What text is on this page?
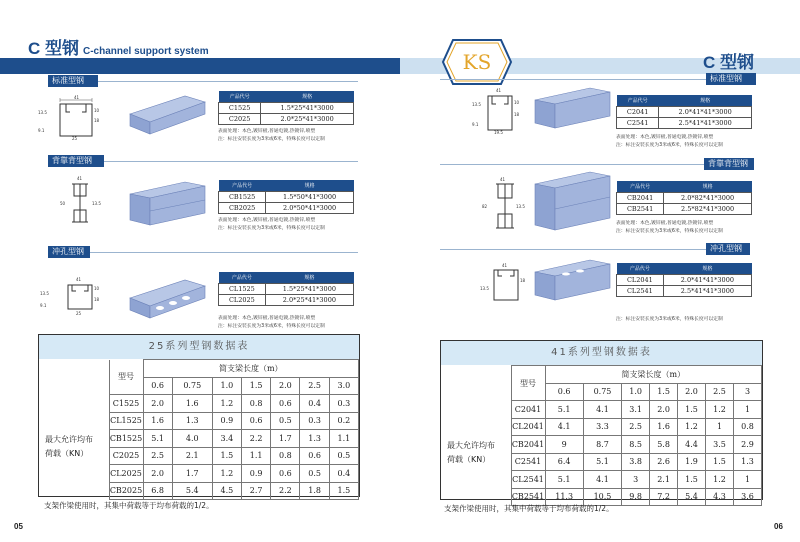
C 型钢 C-channel support system
C 型钢
KS
标准型钢
41
25
10
18
13.5
9.1
产品代号	规格
C1525	1.5*25*41*3000
C2025	2.0*25*41*3000
表面处理：本色,镀锌板,普通电镀,热镀锌,喷塑
注：标注安装长度为3米或6米，特殊长度可以定制
背靠背型钢
41
50	13.5
产品代号	规格
CB1525	1.5*50*41*3000
CB2025	2.0*50*41*3000
表面处理：本色,镀锌板,普通电镀,热镀锌,喷塑
注：标注安装长度为3米或6米，特殊长度可以定制
冲孔型钢
41
25
10
18
13.5
9.1
产品代号	规格
CL1525	1.5*25*41*3000
CL2025	2.0*25*41*3000
表面处理：本色,镀锌板,普通电镀,热镀锌,喷塑
注：标注安装长度为3米或6米，特殊长度可以定制
25系列型钢数据表
	型号	简支梁长度（m）						
		0.6	0.75	1.0	1.5	2.0	2.5	3.0

最大允许均布
荷载（KN）	C1525	2.0	1.6	1.2	0.8	0.6	0.4	0.3
	CL1525	1.6	1.3	0.9	0.6	0.5	0.3	0.2
	CB1525	5.1	4.0	3.4	2.2	1.7	1.3	1.1
	C2025	2.5	2.1	1.5	1.1	0.8	0.6	0.5
	CL2025	2.0	1.7	1.2	0.9	0.6	0.5	0.4
	CB2025	6.8	5.4	4.5	2.7	2.2	1.8	1.5
支架作梁使用时，其集中荷载等于均布荷载的1/2。
05
标准型钢
41
19.5
10
18
13.5
9.1
产品代号	规格
C2041	2.0*41*41*3000
C2541	2.5*41*41*3000
表面处理：本色,镀锌板,普通电镀,热镀锌,喷塑
注：标注安装长度为3米或6米，特殊长度可以定制
背靠背型钢
41
82	13.5
产品代号	规格
CB2041	2.0*82*41*3000
CB2541	2.5*82*41*3000
表面处理：本色,镀锌板,普通电镀,热镀锌,喷塑
注：标注安装长度为3米或6米，特殊长度可以定制
冲孔型钢
41
18
13.5
产品代号	规格
CL2041	2.0*41*41*3000
CL2541	2.5*41*41*3000
注：标注安装长度为3米或6米，特殊长度可以定制
41系列型钢数据表
	型号	简支梁长度（m）						
		0.6	0.75	1.0	1.5	2.0	2.5	3

最大允许均布
荷载（KN）	C2041	5.1	4.1	3.1	2.0	1.5	1.2	1
	CL2041	4.1	3.3	2.5	1.6	1.2	1	0.8
	CB2041	9	8.7	8.5	5.8	4.4	3.5	2.9
	C2541	6.4	5.1	3.8	2.6	1.9	1.5	1.3
	CL2541	5.1	4.1	3	2.1	1.5	1.2	1
	CB2541	11.3	10.5	9.8	7.2	5.4	4.3	3.6
支架作梁使用时，其集中荷载等于均布荷载的1/2。
06
